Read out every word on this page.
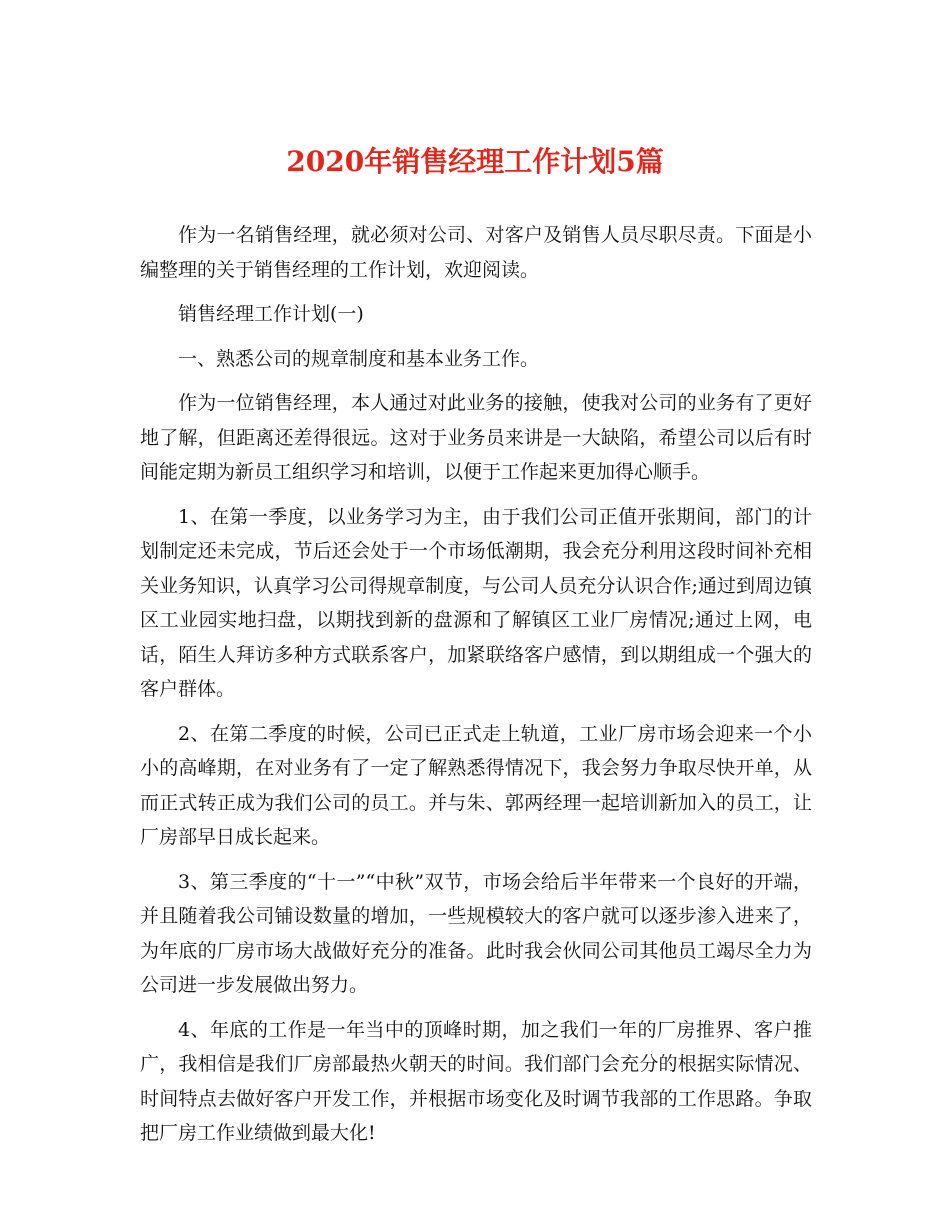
2020年销售经理工作计划5篇

作为一名销售经理，就必须对公司、对客户及销售人员尽职尽责。下面是小编整理的关于销售经理的工作计划，欢迎阅读。

销售经理工作计划(一)

一、熟悉公司的规章制度和基本业务工作。

作为一位销售经理，本人通过对此业务的接触，使我对公司的业务有了更好地了解，但距离还差得很远。这对于业务员来讲是一大缺陷，希望公司以后有时间能定期为新员工组织学习和培训，以便于工作起来更加得心顺手。

1、在第一季度，以业务学习为主，由于我们公司正值开张期间，部门的计划制定还未完成，节后还会处于一个市场低潮期，我会充分利用这段时间补充相关业务知识，认真学习公司得规章制度，与公司人员充分认识合作;通过到周边镇区工业园实地扫盘，以期找到新的盘源和了解镇区工业厂房情况;通过上网，电话，陌生人拜访多种方式联系客户，加紧联络客户感情，到以期组成一个强大的客户群体。

2、在第二季度的时候，公司已正式走上轨道，工业厂房市场会迎来一个小小的高峰期，在对业务有了一定了解熟悉得情况下，我会努力争取尽快开单，从而正式转正成为我们公司的员工。并与朱、郭两经理一起培训新加入的员工，让厂房部早日成长起来。

3、第三季度的“十一”“中秋”双节，市场会给后半年带来一个良好的开端，并且随着我公司铺设数量的增加，一些规模较大的客户就可以逐步渗入进来了，为年底的厂房市场大战做好充分的准备。此时我会伙同公司其他员工竭尽全力为公司进一步发展做出努力。

4、年底的工作是一年当中的顶峰时期，加之我们一年的厂房推界、客户推广，我相信是我们厂房部最热火朝天的时间。我们部门会充分的根据实际情况、时间特点去做好客户开发工作，并根据市场变化及时调节我部的工作思路。争取把厂房工作业绩做到最大化!
